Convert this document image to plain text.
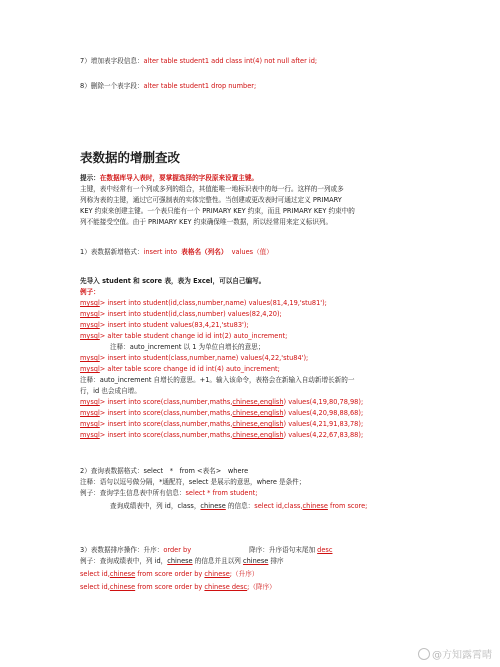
7）增加表字段信息：alter table student1 add class int(4) not null after id;
8）删除一个表字段：alter table student1 drop number;
表数据的增删查改
提示：在数据库导入表时，要掌握选择的字段原来设置主键。
主键，表中经常有一个列或多列的组合，其值能唯一地标识表中的每一行。这样的一列或多
列称为表的主键，通过它可强制表的实体完整性。当创建或更改表时可通过定义 PRIMARY
KEY 约束来创建主键。一个表只能有一个 PRIMARY KEY 约束，而且 PRIMARY KEY 约束中的
列不能接受空值。由于 PRIMARY KEY 约束确保唯一数据，所以经常用来定义标识列。
1）表数据新增格式：insert into 表格名（列名） values（值）
先导入 student 和 score 表，表为 Excel，可以自己编写。
例子：
mysql> insert into student(id,class,number,name) values(81,4,19,'stu81');
mysql> insert into student(id,class,number) values(82,4,20);
mysql> insert into student values(83,4,21,'stu83');
mysql> alter table student change id id int(2) auto_increment;
注释：auto_increment 以 1 为单位自增长的意思；
mysql> insert into student(class,number,name) values(4,22,'stu84');
mysql> alter table score change id id int(4) auto_increment;
注释：auto_increment 自增长的意思。+1。输入该命令，表格会在新输入自动新增长新的一
行，id 也会成自增。
mysql> insert into score(class,number,maths,chinese,english) values(4,19,80,78,98);
mysql> insert into score(class,number,maths,chinese,english) values(4,20,98,88,68);
mysql> insert into score(class,number,maths,chinese,english) values(4,21,91,83,78);
mysql> insert into score(class,number,maths,chinese,english) values(4,22,67,83,88);
2）查询表数据格式：select　*　from <表名>　where
注释：语句以逗号做分隔，*通配符，select 是展示的意思，where 是条件；
例子：查询学生信息表中所有信息：select * from student;
查询成绩表中，列 id，class，chinese 的信息：select id,class,chinese from score;
3）表数据排序操作：升序：order by	降序：升序语句末尾加 desc
例子：查询成绩表中，列 id，chinese 的信息并且以列 chinese 排序
select id,chinese from score order by chinese;（升序）
select id,chinese from score order by chinese desc;（降序）
@方知露霄晴
